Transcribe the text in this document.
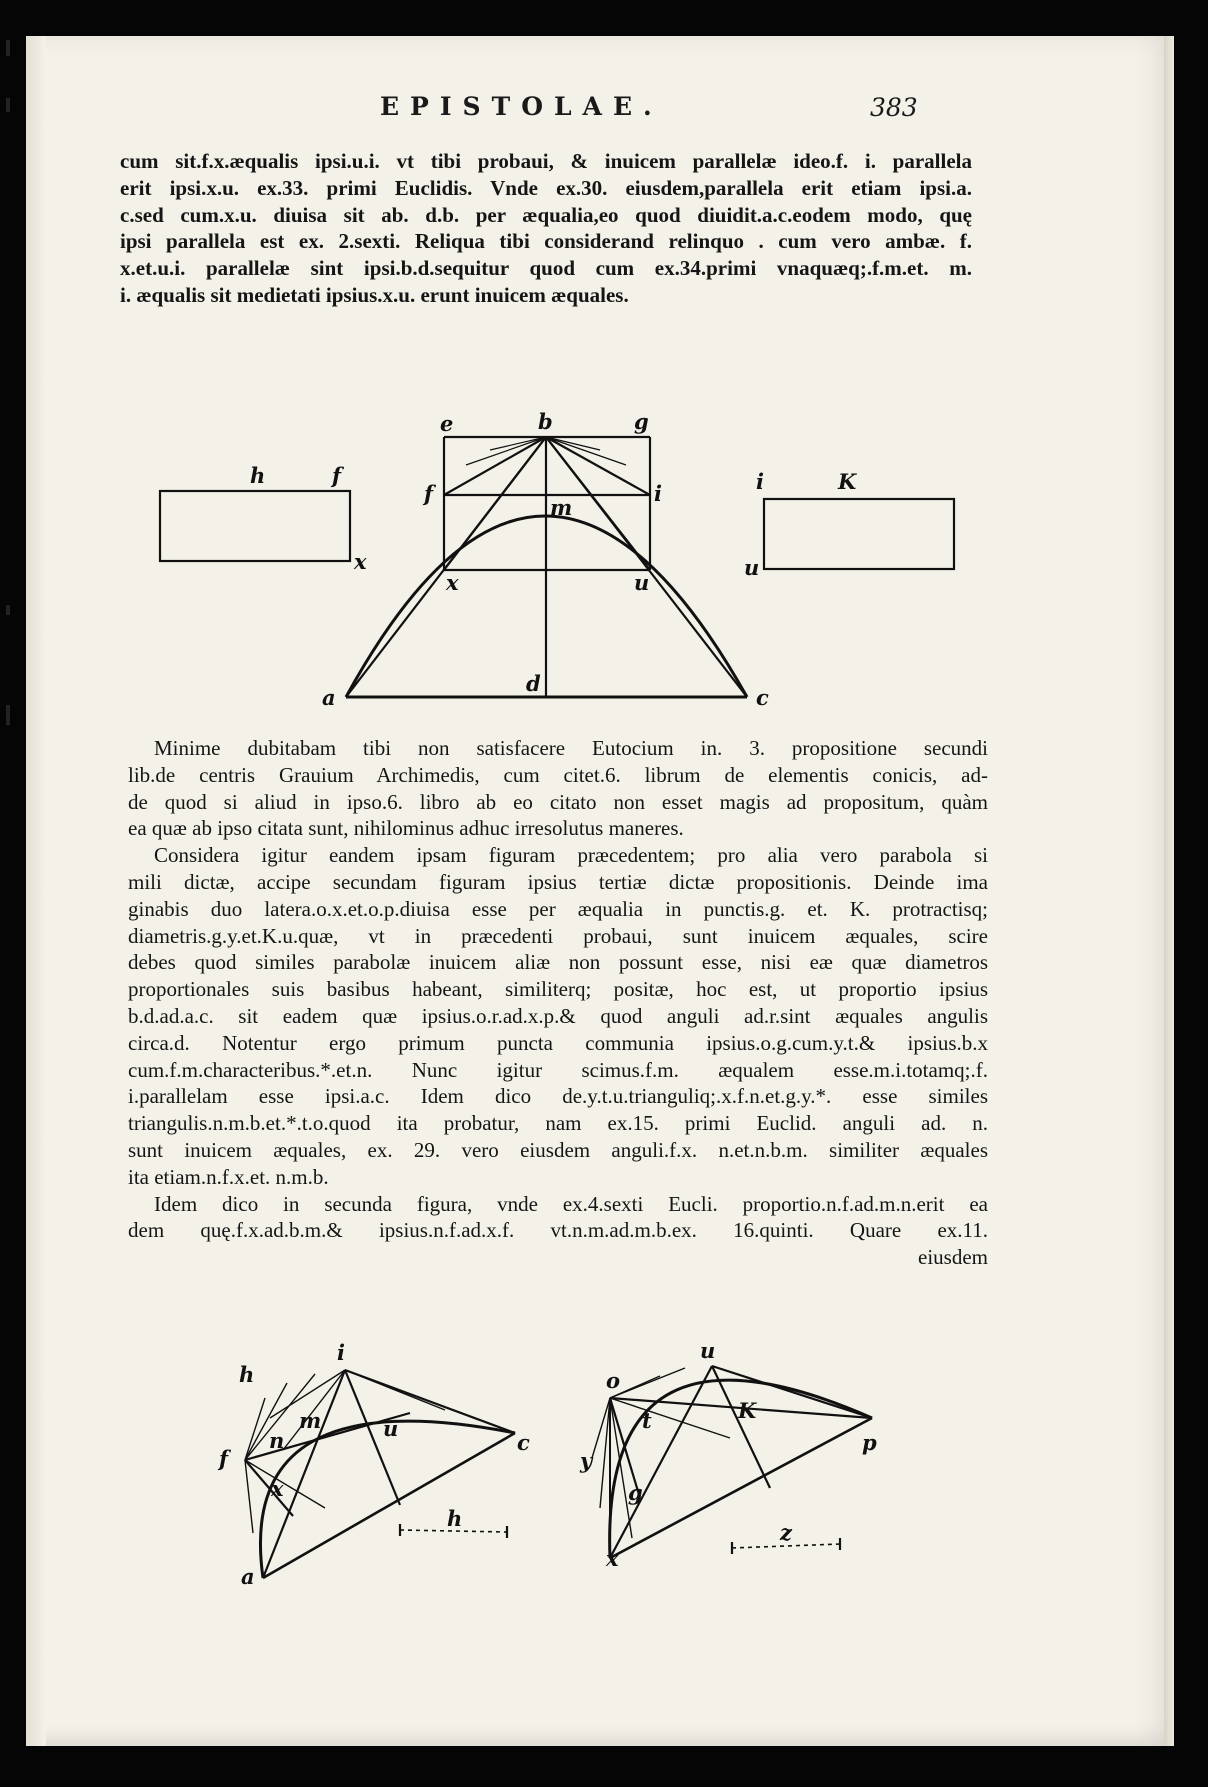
EPISTOLAE.	383
cum sit.f.x.æqualis ipsi.u.i. vt tibi probaui, & inuicem parallelæ ideo.f. i. parallela
erit ipsi.x.u. ex.33. primi Euclidis. Vnde ex.30. eiusdem,parallela erit etiam ipsi.a.
c.sed cum.x.u. diuisa sit ab. d.b. per æqualia,eo quod diuidit.a.c.eodem modo, quę
ipsi parallela est ex. 2.sexti. Reliqua tibi considerand relinquo . cum vero ambæ. f.
x.et.u.i. parallelæ sint ipsi.b.d.sequitur quod cum ex.34.primi vnaquæq;.f.m.et. m.
i. æqualis sit medietati ipsius.x.u. erunt inuicem æquales.
e	b	g
f	i
m
x	u
a
d
c
h	f
x
i	K
u
Minime dubitabam tibi non satisfacere Eutocium in. 3. propositione secundi
lib.de centris Grauium Archimedis, cum citet.6. librum de elementis conicis, ad-
de quod si aliud in ipso.6. libro ab eo citato non esset magis ad propositum, quàm
ea quæ ab ipso citata sunt, nihilominus adhuc irresolutus maneres.
Considera igitur eandem ipsam figuram præcedentem; pro alia vero parabola si
mili dictæ, accipe secundam figuram ipsius tertiæ dictæ propositionis. Deinde ima
ginabis duo latera.o.x.et.o.p.diuisa esse per æqualia in punctis.g. et. K. protractisq;
diametris.g.y.et.K.u.quæ, vt in præcedenti probaui, sunt inuicem æquales, scire
debes quod similes parabolæ inuicem aliæ non possunt esse, nisi eæ quæ diametros
proportionales suis basibus habeant, similiterq; positæ, hoc est, ut proportio ipsius
b.d.ad.a.c. sit eadem quæ ipsius.o.r.ad.x.p.& quod anguli ad.r.sint æquales angulis
circa.d. Notentur ergo primum puncta communia ipsius.o.g.cum.y.t.& ipsius.b.x
cum.f.m.characteribus.*.et.n. Nunc igitur scimus.f.m. æqualem esse.m.i.totamq;.f.
i.parallelam esse ipsi.a.c. Idem dico de.y.t.u.trianguliq;.x.f.n.et.g.y.*. esse similes
triangulis.n.m.b.et.*.t.o.quod ita probatur, nam ex.15. primi Euclid. anguli ad. n.
sunt inuicem æquales, ex. 29. vero eiusdem anguli.f.x. n.et.n.b.m. similiter æquales
ita etiam.n.f.x.et. n.m.b.
Idem dico in secunda figura, vnde ex.4.sexti Eucli. proportio.n.f.ad.m.n.erit ea
dem quę.f.x.ad.b.m.& ipsius.n.f.ad.x.f. vt.n.m.ad.m.b.ex. 16.quinti. Quare ex.11.
eiusdem
h
i
m	u
n
f
x
a
c
h
u
o
K
t
y
p
g
x
z
